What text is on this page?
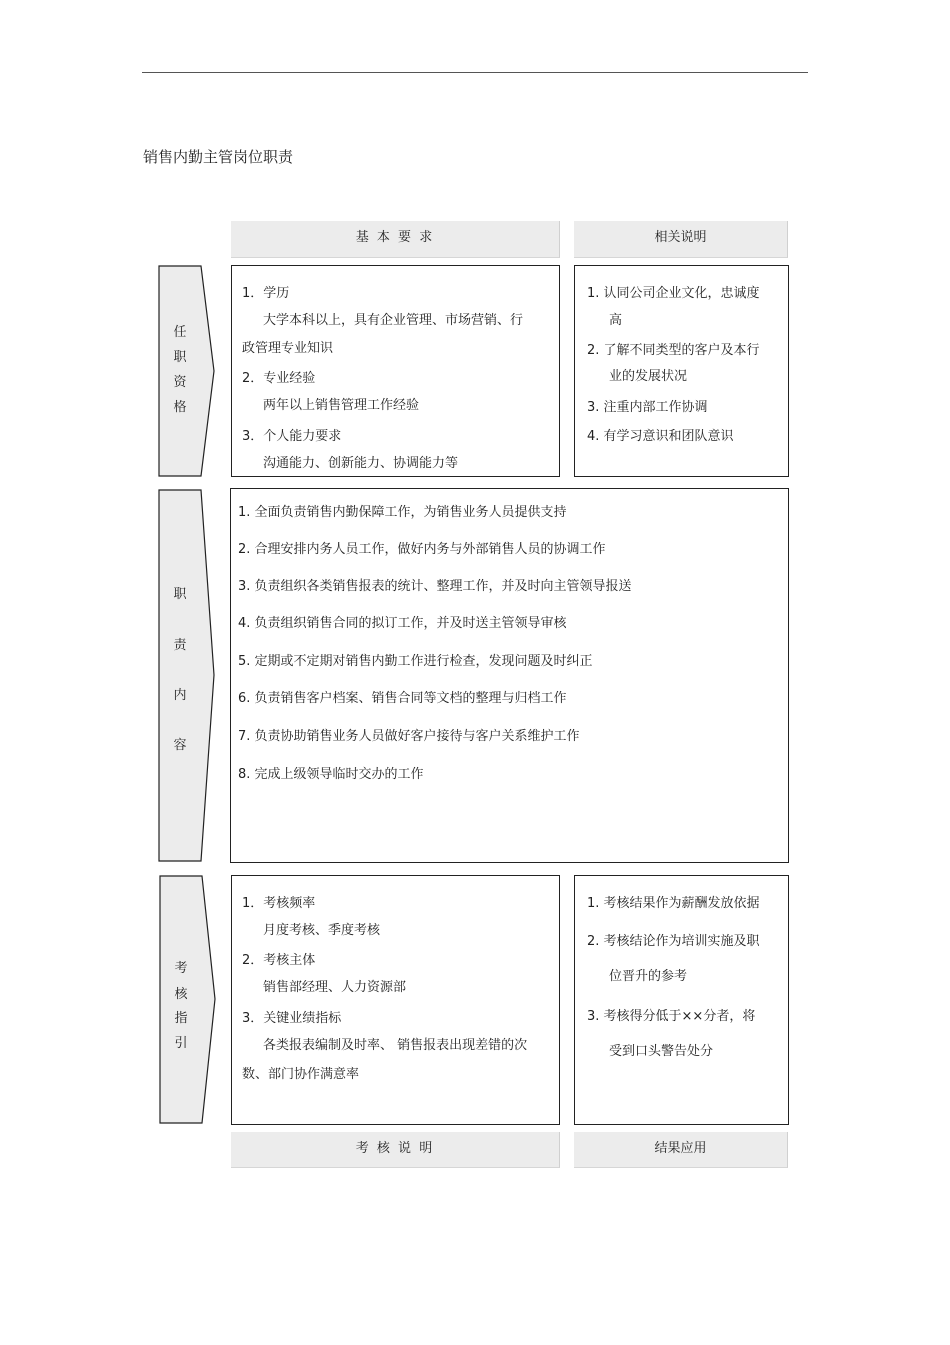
销售内勤主管岗位职责
基 本 要 求	相关说明
任
职
资
格
1．学历
大学本科以上，具有企业管理、市场营销、行
政管理专业知识
2．专业经验
两年以上销售管理工作经验
3．个人能力要求
沟通能力、创新能力、协调能力等
1. 认同公司企业文化，忠诚度
高
2. 了解不同类型的客户及本行
业的发展状况
3. 注重内部工作协调
4. 有学习意识和团队意识
职
责
内
容
1. 全面负责销售内勤保障工作，为销售业务人员提供支持
2. 合理安排内务人员工作，做好内务与外部销售人员的协调工作
3. 负责组织各类销售报表的统计、整理工作，并及时向主管领导报送
4. 负责组织销售合同的拟订工作，并及时送主管领导审核
5. 定期或不定期对销售内勤工作进行检查，发现问题及时纠正
6. 负责销售客户档案、销售合同等文档的整理与归档工作
7. 负责协助销售业务人员做好客户接待与客户关系维护工作
8. 完成上级领导临时交办的工作
考
核
指
引
1．考核频率
月度考核、季度考核
2．考核主体
销售部经理、人力资源部
3．关键业绩指标
各类报表编制及时率、 销售报表出现差错的次
数、部门协作满意率
1. 考核结果作为薪酬发放依据
2. 考核结论作为培训实施及职
位晋升的参考
3. 考核得分低于××分者，将
受到口头警告处分
考 核 说 明	结果应用
